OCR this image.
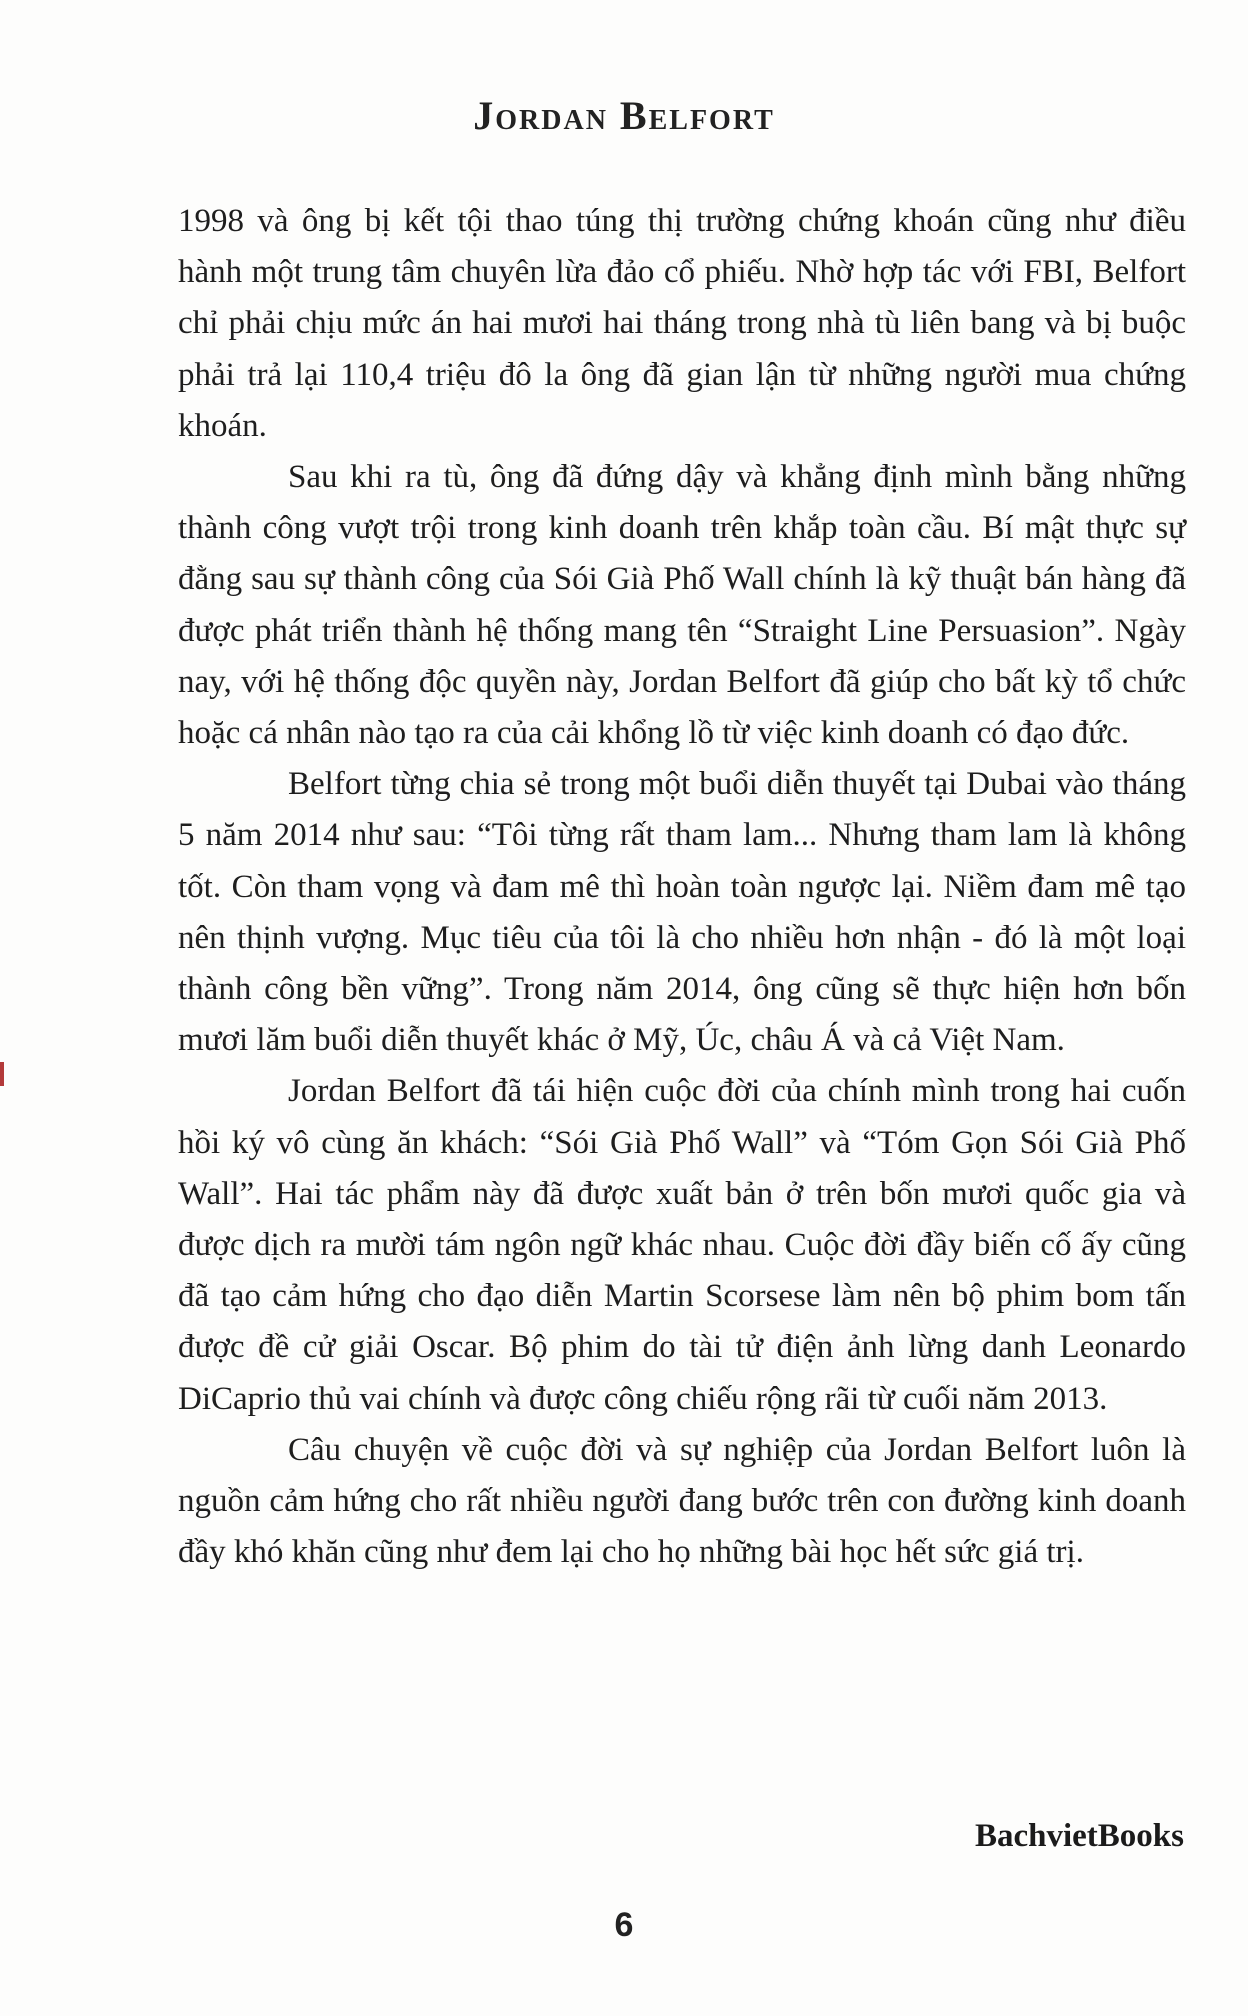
Jordan Belfort

1998 và ông bị kết tội thao túng thị trường chứng khoán cũng như điều hành một trung tâm chuyên lừa đảo cổ phiếu. Nhờ hợp tác với FBI, Belfort chỉ phải chịu mức án hai mươi hai tháng trong nhà tù liên bang và bị buộc phải trả lại 110,4 triệu đô la ông đã gian lận từ những người mua chứng khoán.

Sau khi ra tù, ông đã đứng dậy và khẳng định mình bằng những thành công vượt trội trong kinh doanh trên khắp toàn cầu. Bí mật thực sự đằng sau sự thành công của Sói Già Phố Wall chính là kỹ thuật bán hàng đã được phát triển thành hệ thống mang tên “Straight Line Persuasion”. Ngày nay, với hệ thống độc quyền này, Jordan Belfort đã giúp cho bất kỳ tổ chức hoặc cá nhân nào tạo ra của cải khổng lồ từ việc kinh doanh có đạo đức.

Belfort từng chia sẻ trong một buổi diễn thuyết tại Dubai vào tháng 5 năm 2014 như sau: “Tôi từng rất tham lam... Nhưng tham lam là không tốt. Còn tham vọng và đam mê thì hoàn toàn ngược lại. Niềm đam mê tạo nên thịnh vượng. Mục tiêu của tôi là cho nhiều hơn nhận - đó là một loại thành công bền vững”. Trong năm 2014, ông cũng sẽ thực hiện hơn bốn mươi lăm buổi diễn thuyết khác ở Mỹ, Úc, châu Á và cả Việt Nam.

Jordan Belfort đã tái hiện cuộc đời của chính mình trong hai cuốn hồi ký vô cùng ăn khách: “Sói Già Phố Wall” và “Tóm Gọn Sói Già Phố Wall”. Hai tác phẩm này đã được xuất bản ở trên bốn mươi quốc gia và được dịch ra mười tám ngôn ngữ khác nhau. Cuộc đời đầy biến cố ấy cũng đã tạo cảm hứng cho đạo diễn Martin Scorsese làm nên bộ phim bom tấn được đề cử giải Oscar. Bộ phim do tài tử điện ảnh lừng danh Leonardo DiCaprio thủ vai chính và được công chiếu rộng rãi từ cuối năm 2013.

Câu chuyện về cuộc đời và sự nghiệp của Jordan Belfort luôn là nguồn cảm hứng cho rất nhiều người đang bước trên con đường kinh doanh đầy khó khăn cũng như đem lại cho họ những bài học hết sức giá trị.

BachvietBooks
6
